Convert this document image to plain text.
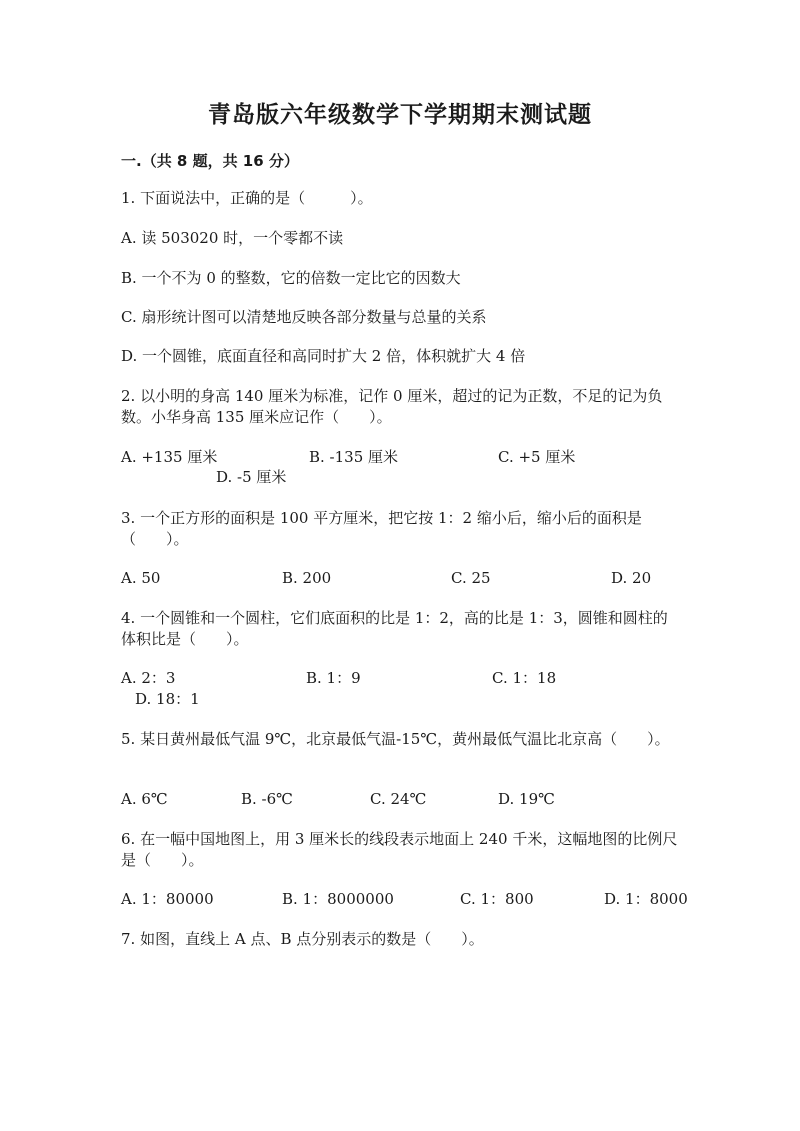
青岛版六年级数学下学期期末测试题
一.（共 8 题，共 16 分）
1. 下面说法中，正确的是（　　　）。
A. 读 503020 时，一个零都不读
B. 一个不为 0 的整数，它的倍数一定比它的因数大
C. 扇形统计图可以清楚地反映各部分数量与总量的关系
D. 一个圆锥，底面直径和高同时扩大 2 倍，体积就扩大 4 倍
2. 以小明的身高 140 厘米为标准，记作 0 厘米，超过的记为正数，不足的记为负数。小华身高 135 厘米应记作（　　）。
A. +135 厘米	B. -135 厘米	C. +5 厘米
D. -5 厘米
3. 一个正方形的面积是 100 平方厘米，把它按 1：2 缩小后，缩小后的面积是（　　）。
A. 50	B. 200	C. 25	D. 20
4. 一个圆锥和一个圆柱，它们底面积的比是 1：2，高的比是 1：3，圆锥和圆柱的体积比是（　　）。
A. 2：3	B. 1：9	C. 1：18
D. 18：1
5. 某日黄州最低气温 9℃，北京最低气温-15℃，黄州最低气温比北京高（　　）。
A. 6℃	B. -6℃	C. 24℃	D. 19℃
6. 在一幅中国地图上，用 3 厘米长的线段表示地面上 240 千米，这幅地图的比例尺是（　　）。
A. 1：80000	B. 1：8000000	C. 1：800	D. 1：8000
7. 如图，直线上 A 点、B 点分别表示的数是（　　）。
